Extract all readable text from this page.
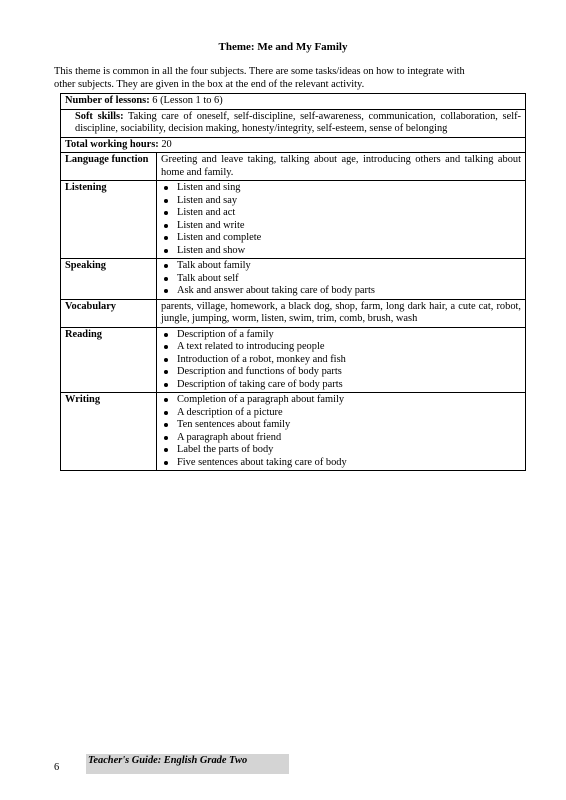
Theme: Me and My Family
This theme is common in all the four subjects. There are some tasks/ideas on how to integrate with
other subjects. They are given in the box at the end of the relevant activity.
Number of lessons: 6 (Lesson 1 to 6)
Soft skills: Taking care of oneself, self-discipline, self-awareness, communication, collaboration, self-discipline, sociability, decision making, honesty/integrity, self-esteem, sense of belonging
Total working hours: 20
Language function	Greeting and leave taking, talking about age, introducing others and talking about home and family.
Listening	Listen and sing
Listen and say
Listen and act
Listen and write
Listen and complete
Listen and show
Speaking	Talk about family
Talk about self
Ask and answer about taking care of body parts
Vocabulary	parents, village, homework, a black dog, shop, farm, long dark hair, a cute cat, robot, jungle, jumping, worm, listen, swim, trim, comb, brush, wash
Reading	Description of a family
A text related to introducing people
Introduction of a robot, monkey and fish
Description and functions of body parts
Description of taking care of body parts
Writing	Completion of a paragraph about family
A description of a picture
Ten sentences about family
A paragraph about friend
Label the parts of body
Five sentences about taking care of body
6
Teacher's Guide: English Grade Two
